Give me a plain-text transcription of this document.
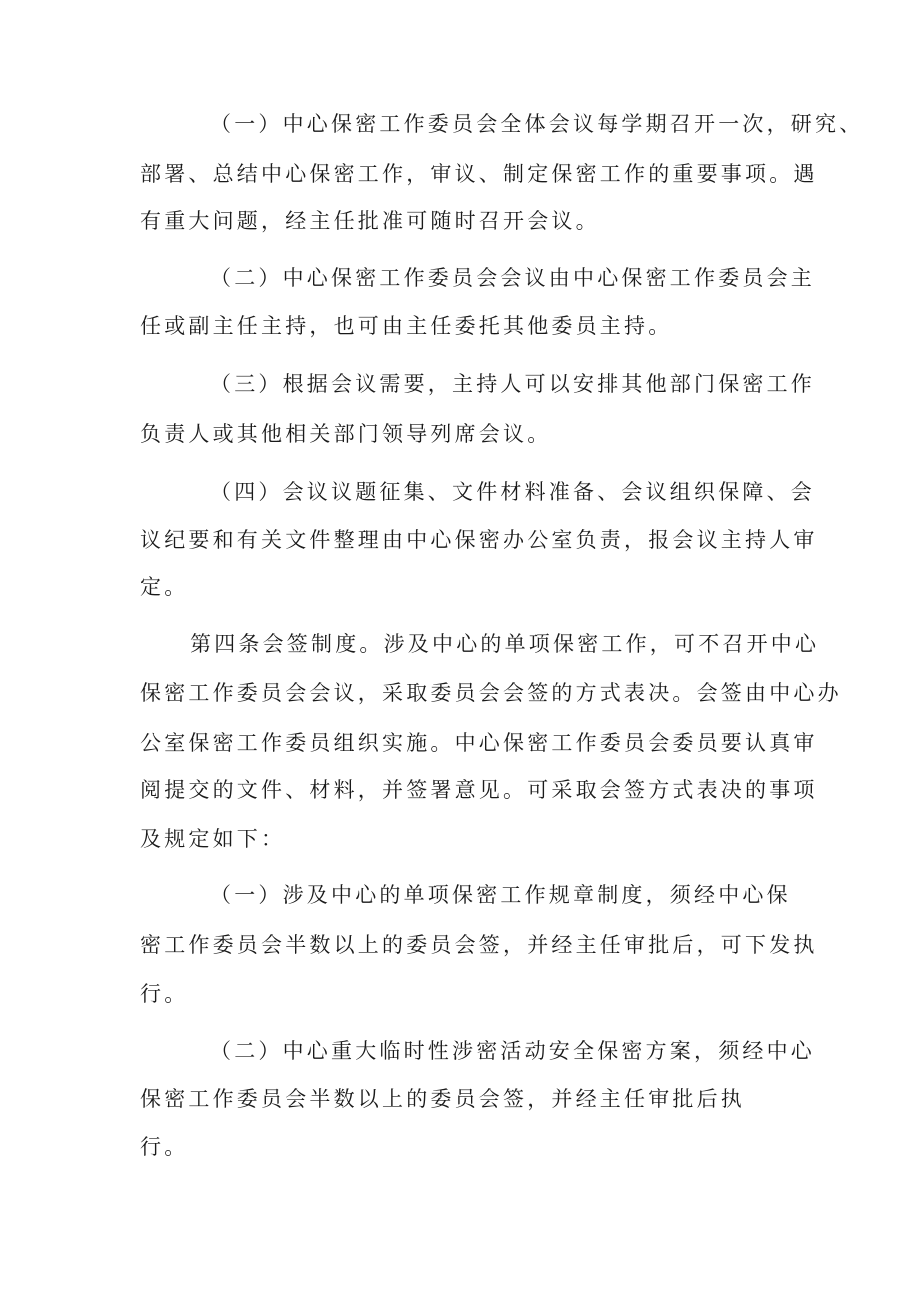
（一）中心保密工作委员会全体会议每学期召开一次，研究、

部署、总结中心保密工作，审议、制定保密工作的重要事项。遇

有重大问题，经主任批准可随时召开会议。

（二）中心保密工作委员会会议由中心保密工作委员会主

任或副主任主持，也可由主任委托其他委员主持。

（三）根据会议需要，主持人可以安排其他部门保密工作

负责人或其他相关部门领导列席会议。

（四）会议议题征集、文件材料准备、会议组织保障、会

议纪要和有关文件整理由中心保密办公室负责，报会议主持人审

定。

第四条会签制度。涉及中心的单项保密工作，可不召开中心

保密工作委员会会议，采取委员会会签的方式表决。会签由中心办

公室保密工作委员组织实施。中心保密工作委员会委员要认真审

阅提交的文件、材料，并签署意见。可采取会签方式表决的事项

及规定如下：

（一）涉及中心的单项保密工作规章制度，须经中心保

密工作委员会半数以上的委员会签，并经主任审批后，可下发执

行。

（二）中心重大临时性涉密活动安全保密方案，须经中心

保密工作委员会半数以上的委员会签，并经主任审批后执

行。
